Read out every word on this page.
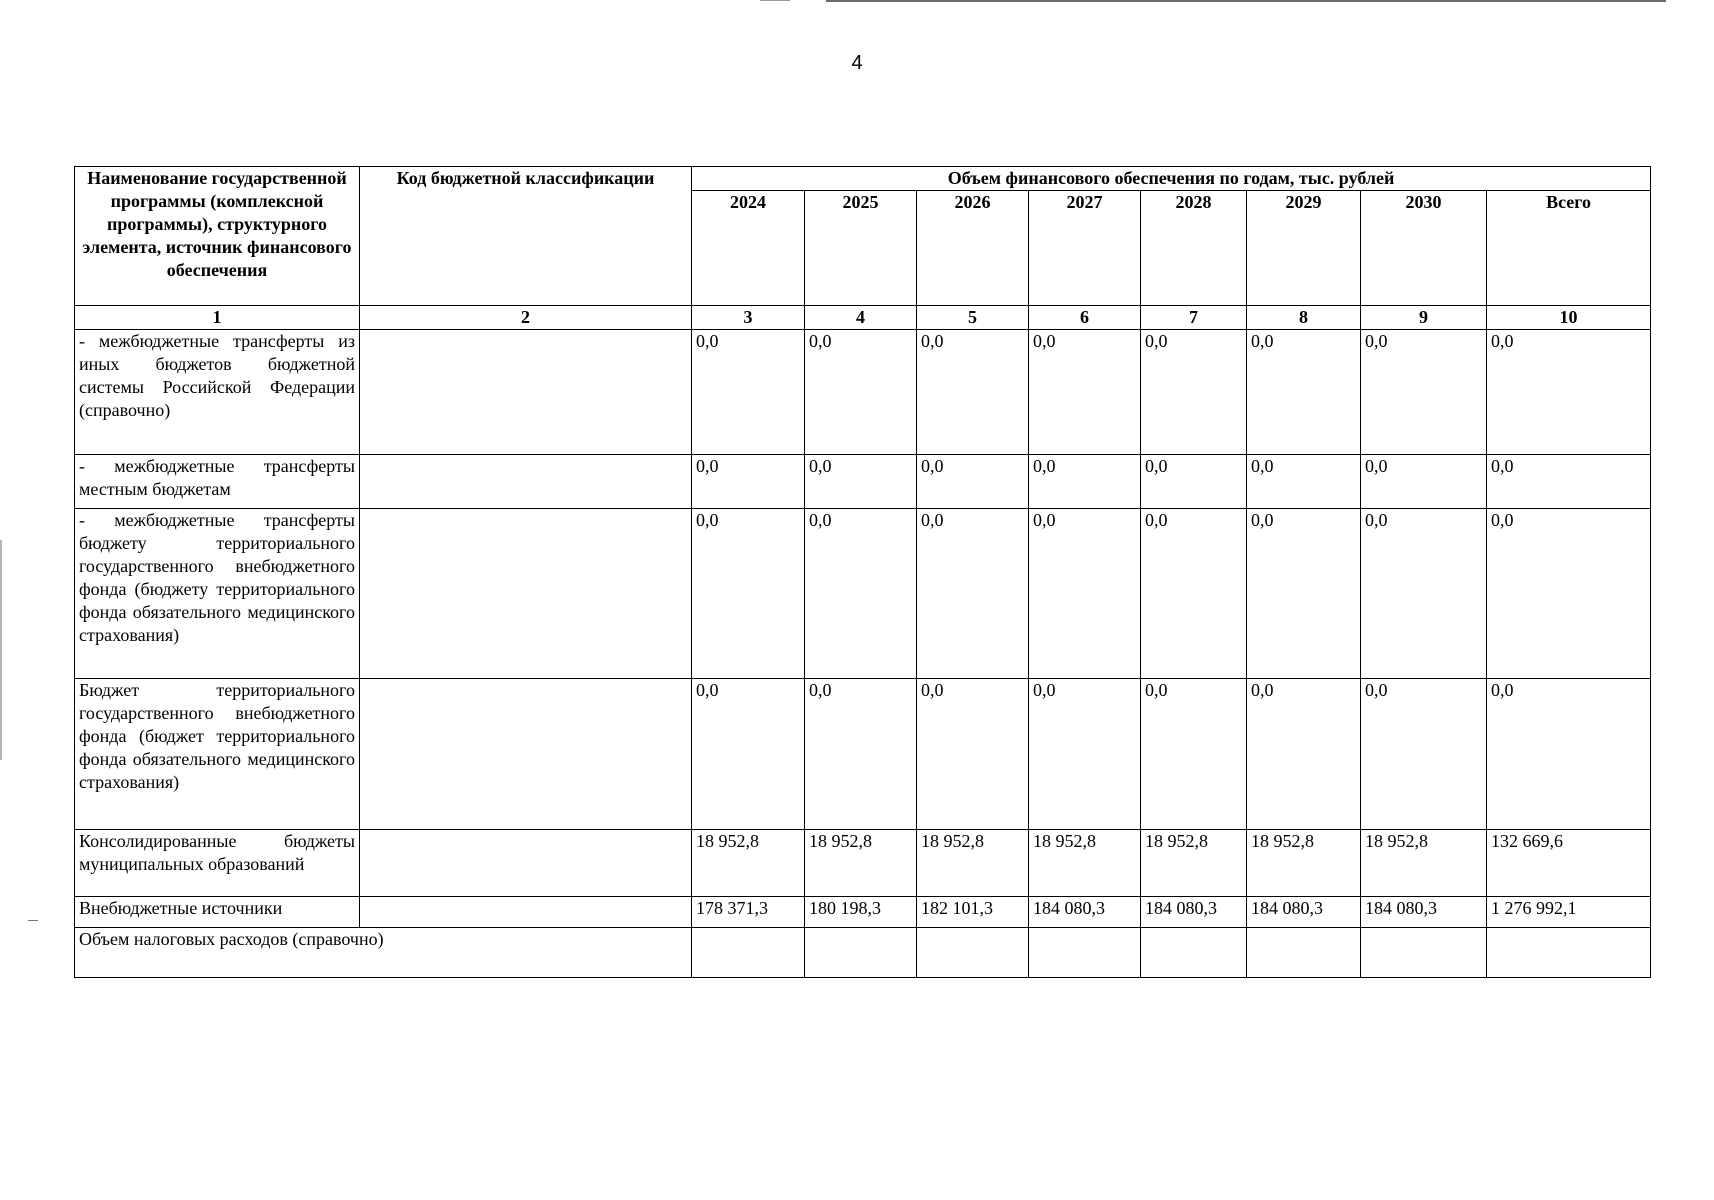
4
Наименование государственной программы (комплексной программы), структурного элемента, источник финансового обеспечения	Код бюджетной классификации	Объем финансового обеспечения по годам, тыс. рублей							
		2024	2025	2026	2027	2028	2029	2030	Всего
1	2	3	4	5	6	7	8	9	10
- межбюджетные трансферты из иных бюджетов бюджетной системы Российской Федерации (справочно)		0,0	0,0	0,0	0,0	0,0	0,0	0,0	0,0
- межбюджетные трансферты местным бюджетам		0,0	0,0	0,0	0,0	0,0	0,0	0,0	0,0
- межбюджетные трансферты бюджету территориального государственного внебюджетного фонда (бюджету территориального фонда обязательного медицинского страхования)		0,0	0,0	0,0	0,0	0,0	0,0	0,0	0,0
Бюджет территориального государственного внебюджетного фонда (бюджет территориального фонда обязательного медицинского страхования)		0,0	0,0	0,0	0,0	0,0	0,0	0,0	0,0
Консолидированные бюджеты муниципальных образований		18 952,8	18 952,8	18 952,8	18 952,8	18 952,8	18 952,8	18 952,8	132 669,6
Внебюджетные источники		178 371,3	180 198,3	182 101,3	184 080,3	184 080,3	184 080,3	184 080,3	1 276 992,1
Объем налоговых расходов (справочно)									
